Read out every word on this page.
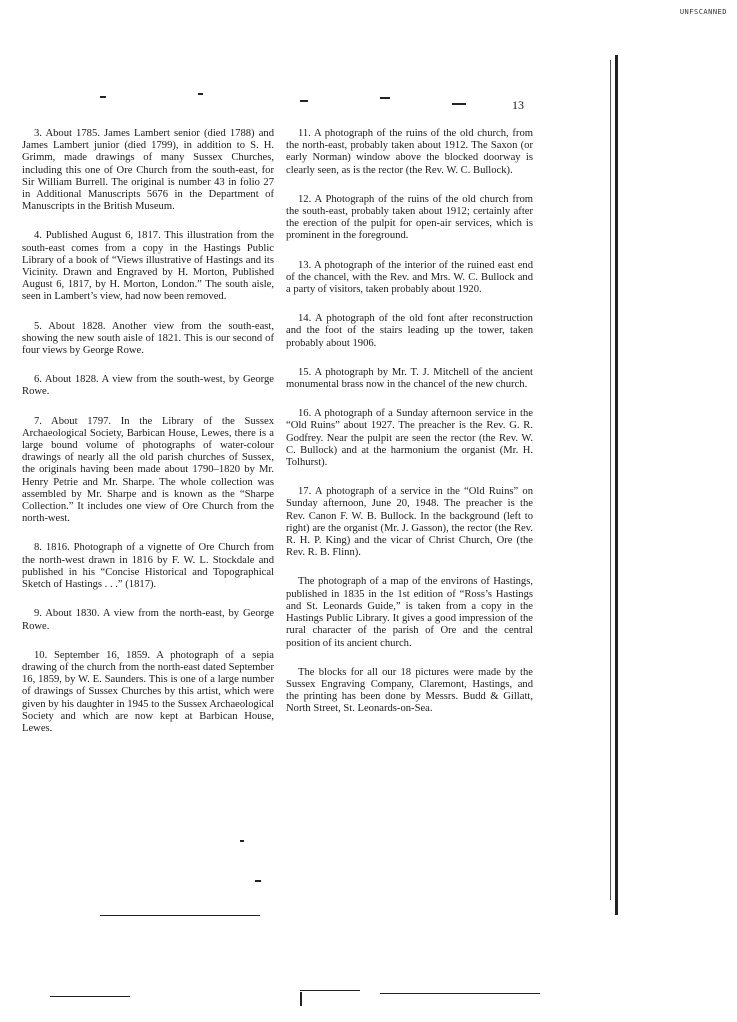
UNFSCANNED
13

3. About 1785. James Lambert senior (died 1788) and James Lambert junior (died 1799), in addition to S. H. Grimm, made drawings of many Sussex Churches, including this one of Ore Church from the south-east, for Sir William Burrell. The original is number 43 in folio 27 in Additional Manuscripts 5676 in the Department of Manuscripts in the British Museum.

4. Published August 6, 1817. This illustration from the south-east comes from a copy in the Hastings Public Library of a book of “Views illustrative of Hastings and its Vicinity. Drawn and Engraved by H. Morton, Published August 6, 1817, by H. Morton, London.” The south aisle, seen in Lambert’s view, had now been removed.

5. About 1828. Another view from the south-east, showing the new south aisle of 1821. This is our second of four views by George Rowe.

6. About 1828. A view from the south-west, by George Rowe.

7. About 1797. In the Library of the Sussex Archaeological Society, Barbican House, Lewes, there is a large bound volume of photographs of water-colour drawings of nearly all the old parish churches of Sussex, the originals having been made about 1790–1820 by Mr. Henry Petrie and Mr. Sharpe. The whole collection was assembled by Mr. Sharpe and is known as the “Sharpe Collection.” It includes one view of Ore Church from the north-west.

8. 1816. Photograph of a vignette of Ore Church from the north-west drawn in 1816 by F. W. L. Stockdale and published in his “Concise Historical and Topographical Sketch of Hastings . . .” (1817).

9. About 1830. A view from the north-east, by George Rowe.

10. September 16, 1859. A photograph of a sepia drawing of the church from the north-east dated September 16, 1859, by W. E. Saunders. This is one of a large number of drawings of Sussex Churches by this artist, which were given by his daughter in 1945 to the Sussex Archaeological Society and which are now kept at Barbican House, Lewes.

11. A photograph of the ruins of the old church, from the north-east, probably taken about 1912. The Saxon (or early Norman) window above the blocked doorway is clearly seen, as is the rector (the Rev. W. C. Bullock).

12. A Photograph of the ruins of the old church from the south-east, probably taken about 1912; certainly after the erection of the pulpit for open-air services, which is prominent in the foreground.

13. A photograph of the interior of the ruined east end of the chancel, with the Rev. and Mrs. W. C. Bullock and a party of visitors, taken probably about 1920.

14. A photograph of the old font after reconstruction and the foot of the stairs leading up the tower, taken probably about 1906.

15. A photograph by Mr. T. J. Mitchell of the ancient monumental brass now in the chancel of the new church.

16. A photograph of a Sunday afternoon service in the “Old Ruins” about 1927. The preacher is the Rev. G. R. Godfrey. Near the pulpit are seen the rector (the Rev. W. C. Bullock) and at the harmonium the organist (Mr. H. Tolhurst).

17. A photograph of a service in the “Old Ruins” on Sunday afternoon, June 20, 1948. The preacher is the Rev. Canon F. W. B. Bullock. In the background (left to right) are the organist (Mr. J. Gasson), the rector (the Rev. R. H. P. King) and the vicar of Christ Church, Ore (the Rev. R. B. Flinn).

The photograph of a map of the environs of Hastings, published in 1835 in the 1st edition of “Ross’s Hastings and St. Leonards Guide,” is taken from a copy in the Hastings Public Library. It gives a good impression of the rural character of the parish of Ore and the central position of its ancient church.

The blocks for all our 18 pictures were made by the Sussex Engraving Company, Claremont, Hastings, and the printing has been done by Messrs. Budd & Gillatt, North Street, St. Leonards-on-Sea.
